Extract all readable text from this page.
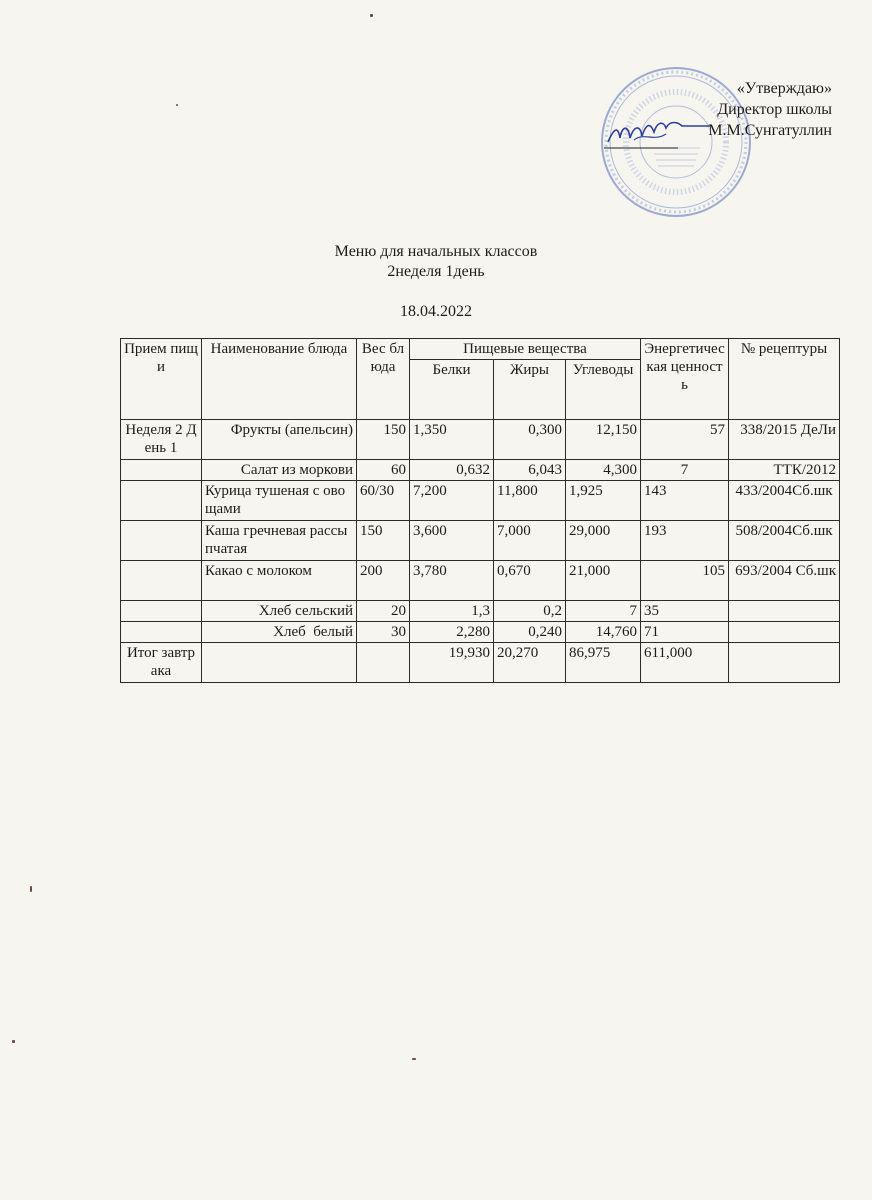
«Утверждаю»
Директор школы
М.М.Сунгатуллин
Меню для начальных классов
2неделя 1день
18.04.2022
Прием пищи	Наименование блюда	Вес блюда	Пищевые вещества			Энергетическая ценность	№ рецептуры
			Белки	Жиры	Углеводы		
Неделя 2 День 1	Фрукты (апельсин)	150	1,350	0,300	12,150	57	338/2015 ДеЛи
	Салат из моркови	60	0,632	6,043	4,300	7	ТТК/2012
	Курица тушеная с овощами	60/30	7,200	11,800	1,925	143	433/2004Сб.шк
	Каша гречневая рассыпчатая	150	3,600	7,000	29,000	193	508/2004Сб.шк
	Какао с молоком	200	3,780	0,670	21,000	105	693/2004 Сб.шк
	Хлеб сельский	20	1,3	0,2	7	35	
	Хлеб  белый	30	2,280	0,240	14,760	71	
Итог завтрака			19,930	20,270	86,975	611,000	
